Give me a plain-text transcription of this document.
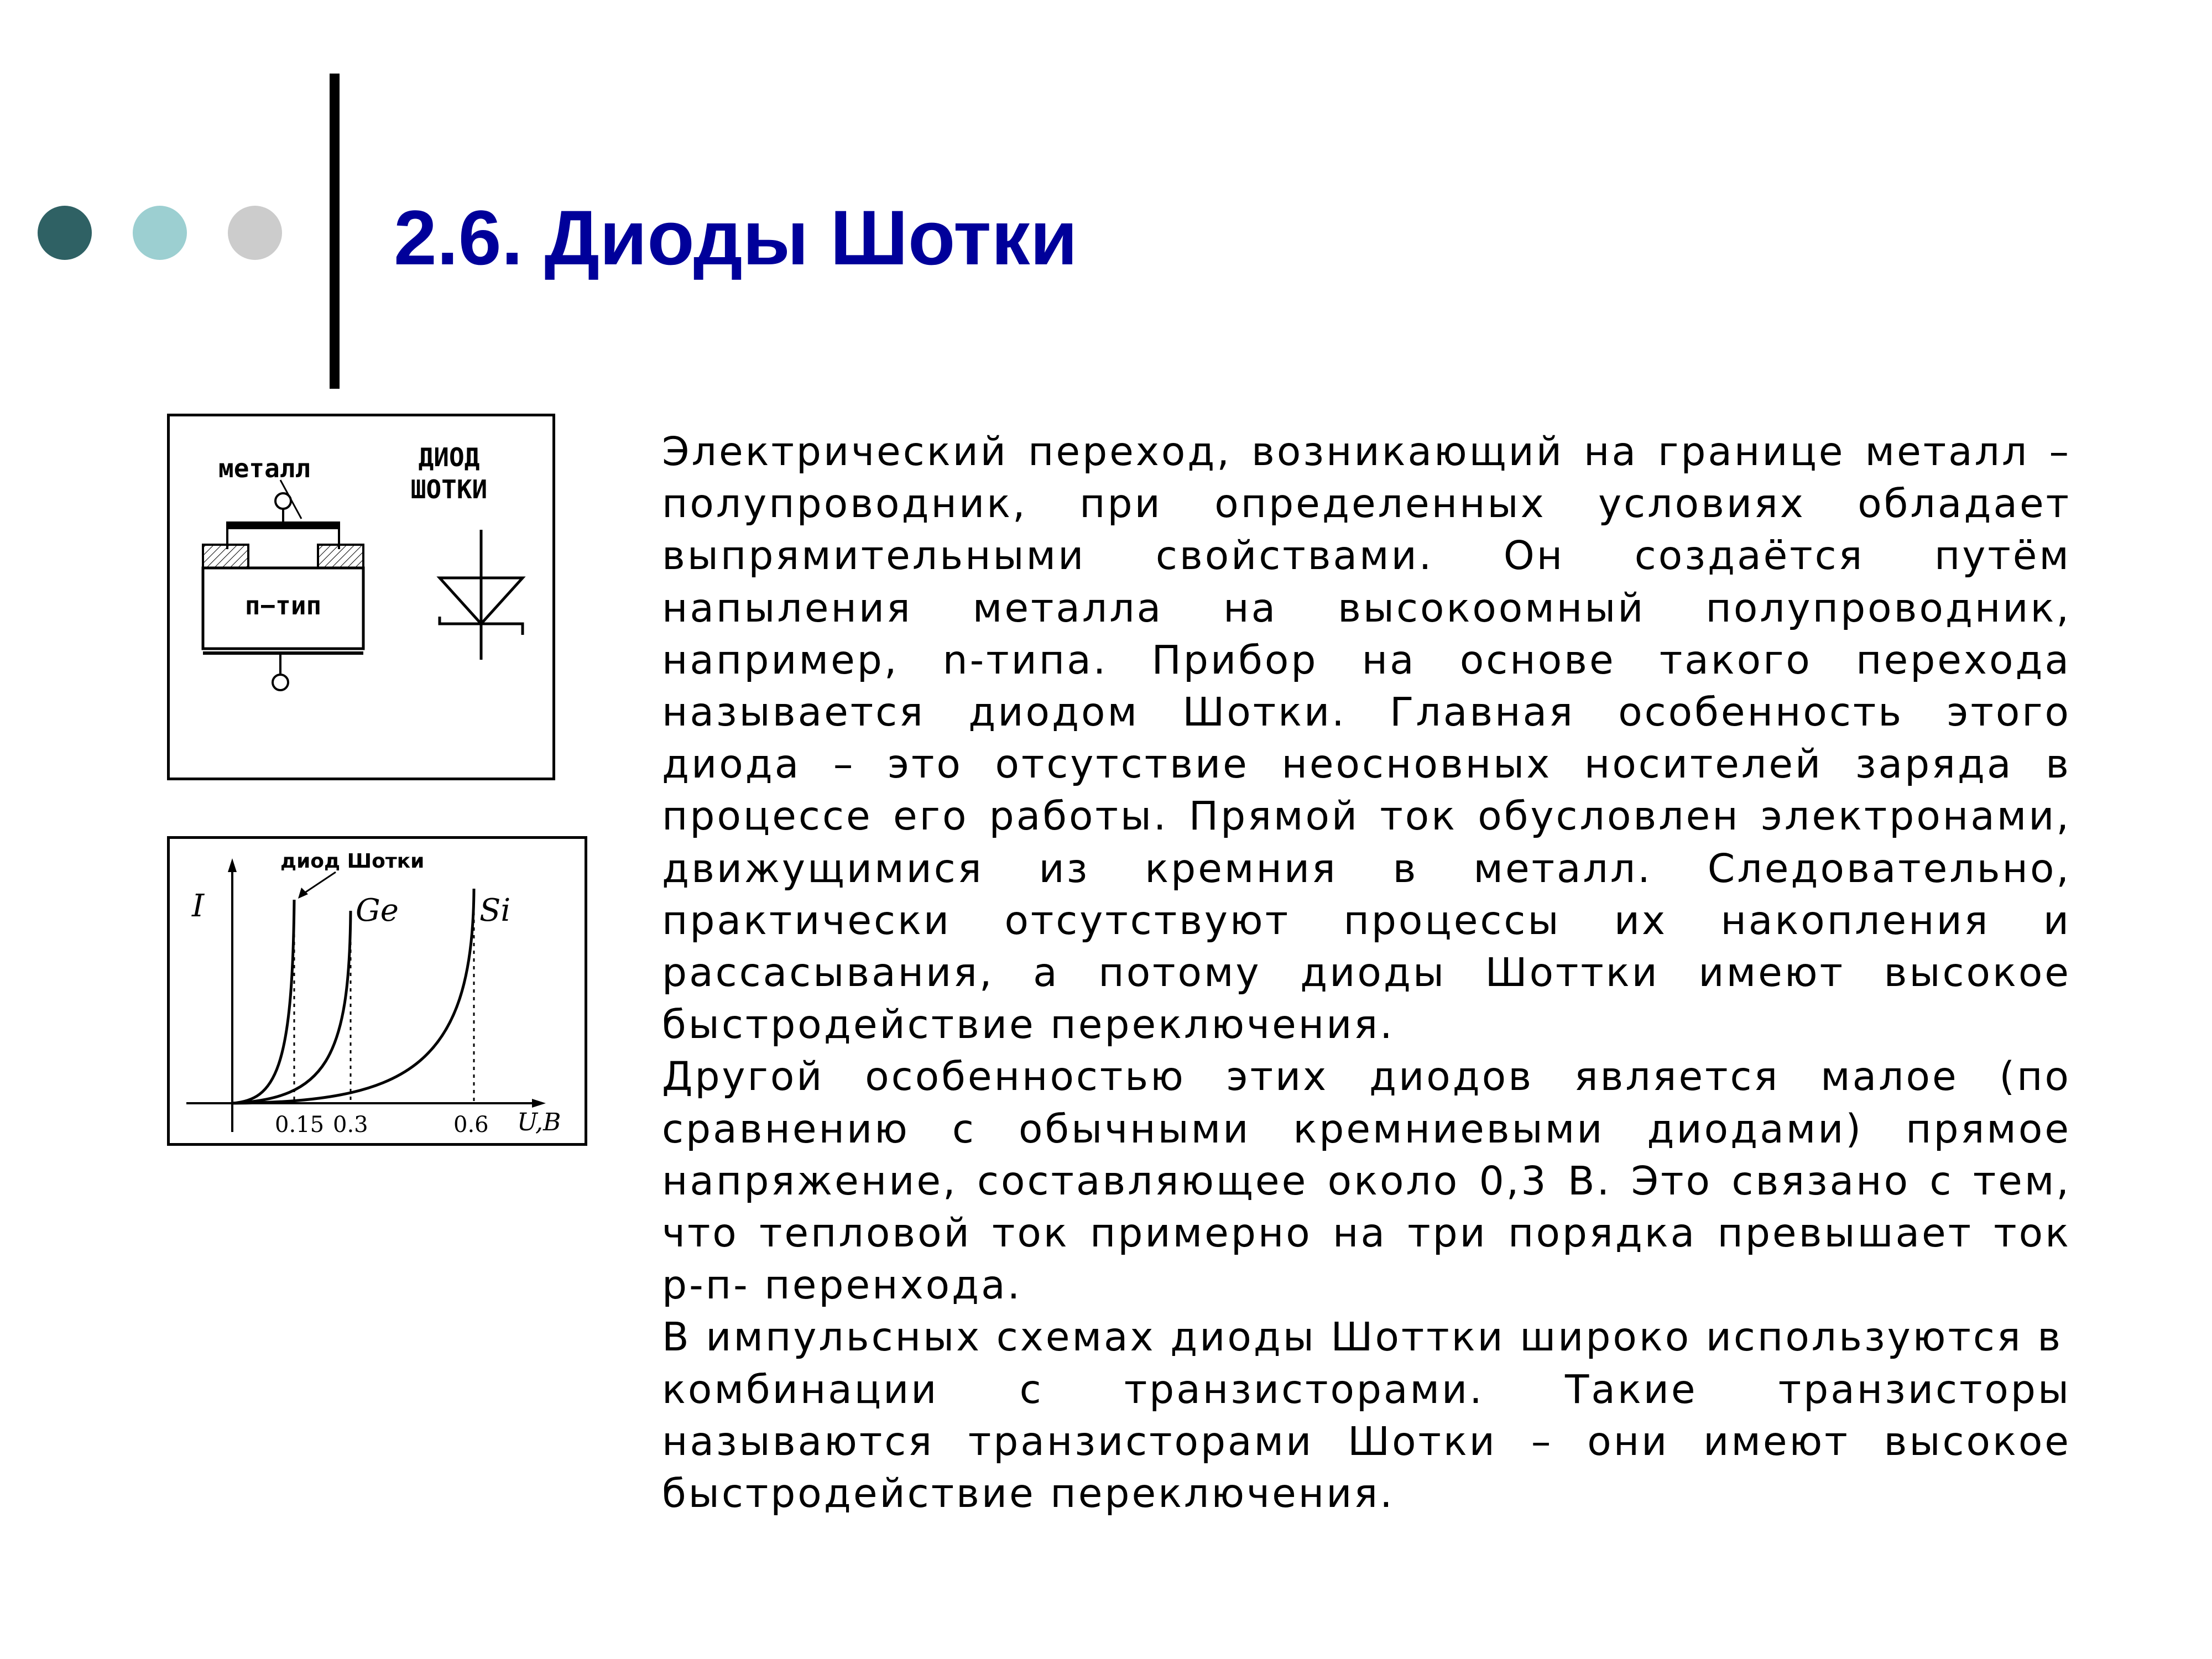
2.6. Диоды Шотки
металл	ДИОД
ШОТКИ
п−тип
диод Шотки
I	Ge	Si
0.15 0.3	0.6 U,B

Электрический переход, возникающий на границе металл – полупроводник, при определенных условиях обладает выпрямительными свойствами. Он создаётся путём напыления металла на высокоомный полупроводник, например, n-типа. Прибор на основе такого перехода называется диодом Шотки. Главная особенность этого диода – это отсутствие неосновных носителей заряда в процессе его работы. Прямой ток обусловлен электронами, движущимися из кремния в металл. Следовательно, практически отсутствуют процессы их накопления и рассасывания, а потому диоды Шоттки имеют высокое быстродействие переключения.

Другой особенностью этих диодов является малое (по сравнению с обычными кремниевыми диодами) прямое напряжение, составляющее около 0,3 В. Это связано с тем, что тепловой ток примерно на три порядка превышает ток р-п- перенхода.

В импульсных схемах диоды Шоттки широко используются в

комбинации с транзисторами. Такие транзисторы называются транзисторами Шотки – они имеют высокое быстродействие переключения.
